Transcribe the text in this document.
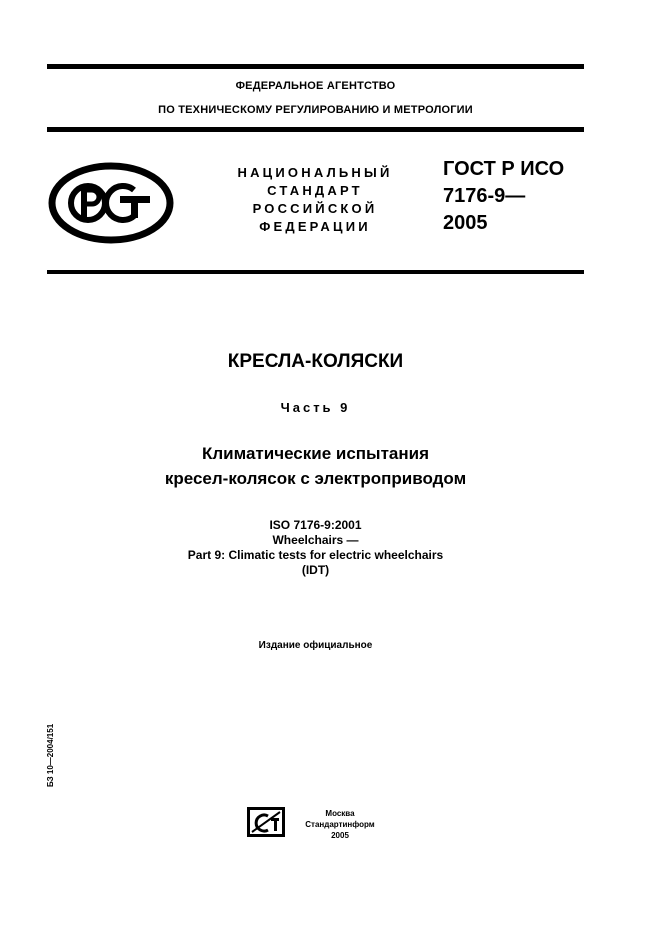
ФЕДЕРАЛЬНОЕ АГЕНТСТВО
ПО ТЕХНИЧЕСКОМУ РЕГУЛИРОВАНИЮ И МЕТРОЛОГИИ
НАЦИОНАЛЬНЫЙ
СТАНДАРТ
РОССИЙСКОЙ
ФЕДЕРАЦИИ
ГОСТ Р ИСО
7176-9—
2005
КРЕСЛА-КОЛЯСКИ
Часть 9
Климатические испытания
кресел-колясок с электроприводом
ISO 7176-9:2001
Wheelchairs —
Part 9: Climatic tests for electric wheelchairs
(IDT)
Издание официальное
БЗ 10—2004/151
Москва
Стандартинформ
2005
